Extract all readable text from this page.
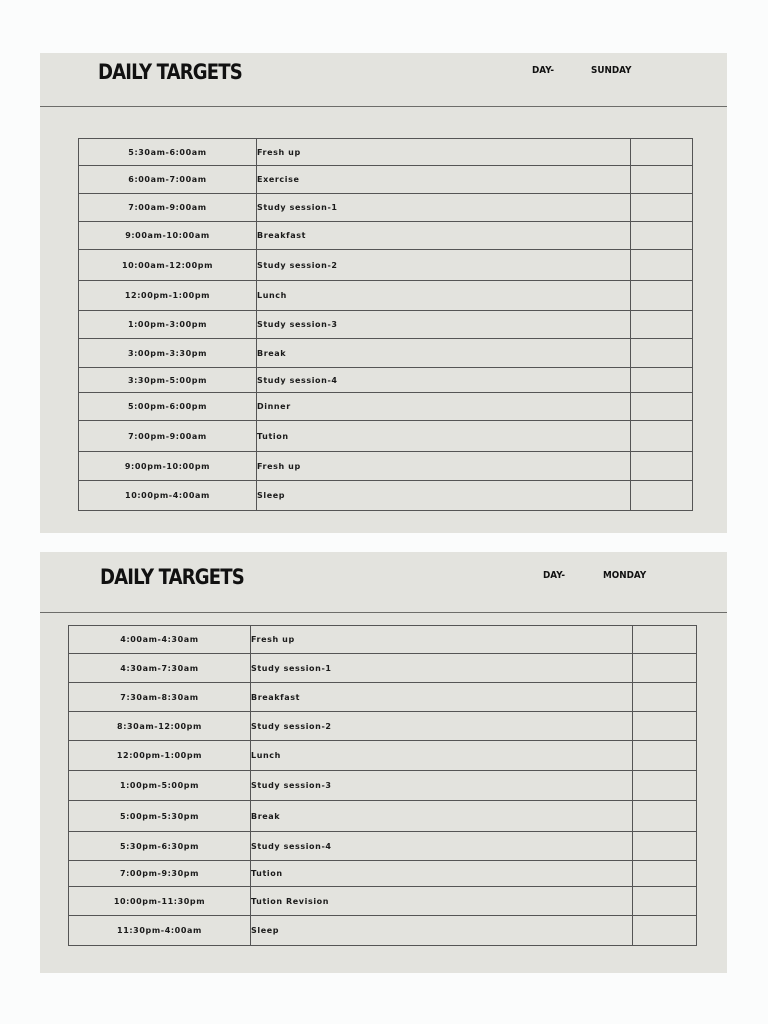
DAILY TARGETS	DAY-	SUNDAY
5:30am-6:00am	Fresh up	
6:00am-7:00am	Exercise	
7:00am-9:00am	Study session-1	
9:00am-10:00am	Breakfast	
10:00am-12:00pm	Study session-2	
12:00pm-1:00pm	Lunch	
1:00pm-3:00pm	Study session-3	
3:00pm-3:30pm	Break	
3:30pm-5:00pm	Study session-4	
5:00pm-6:00pm	Dinner	
7:00pm-9:00am	Tution	
9:00pm-10:00pm	Fresh up	
10:00pm-4:00am	Sleep	
DAILY TARGETS	DAY-	MONDAY
4:00am-4:30am	Fresh up	
4:30am-7:30am	Study session-1	
7:30am-8:30am	Breakfast	
8:30am-12:00pm	Study session-2	
12:00pm-1:00pm	Lunch	
1:00pm-5:00pm	Study session-3	
5:00pm-5:30pm	Break	
5:30pm-6:30pm	Study session-4	
7:00pm-9:30pm	Tution	
10:00pm-11:30pm	Tution Revision	
11:30pm-4:00am	Sleep	
